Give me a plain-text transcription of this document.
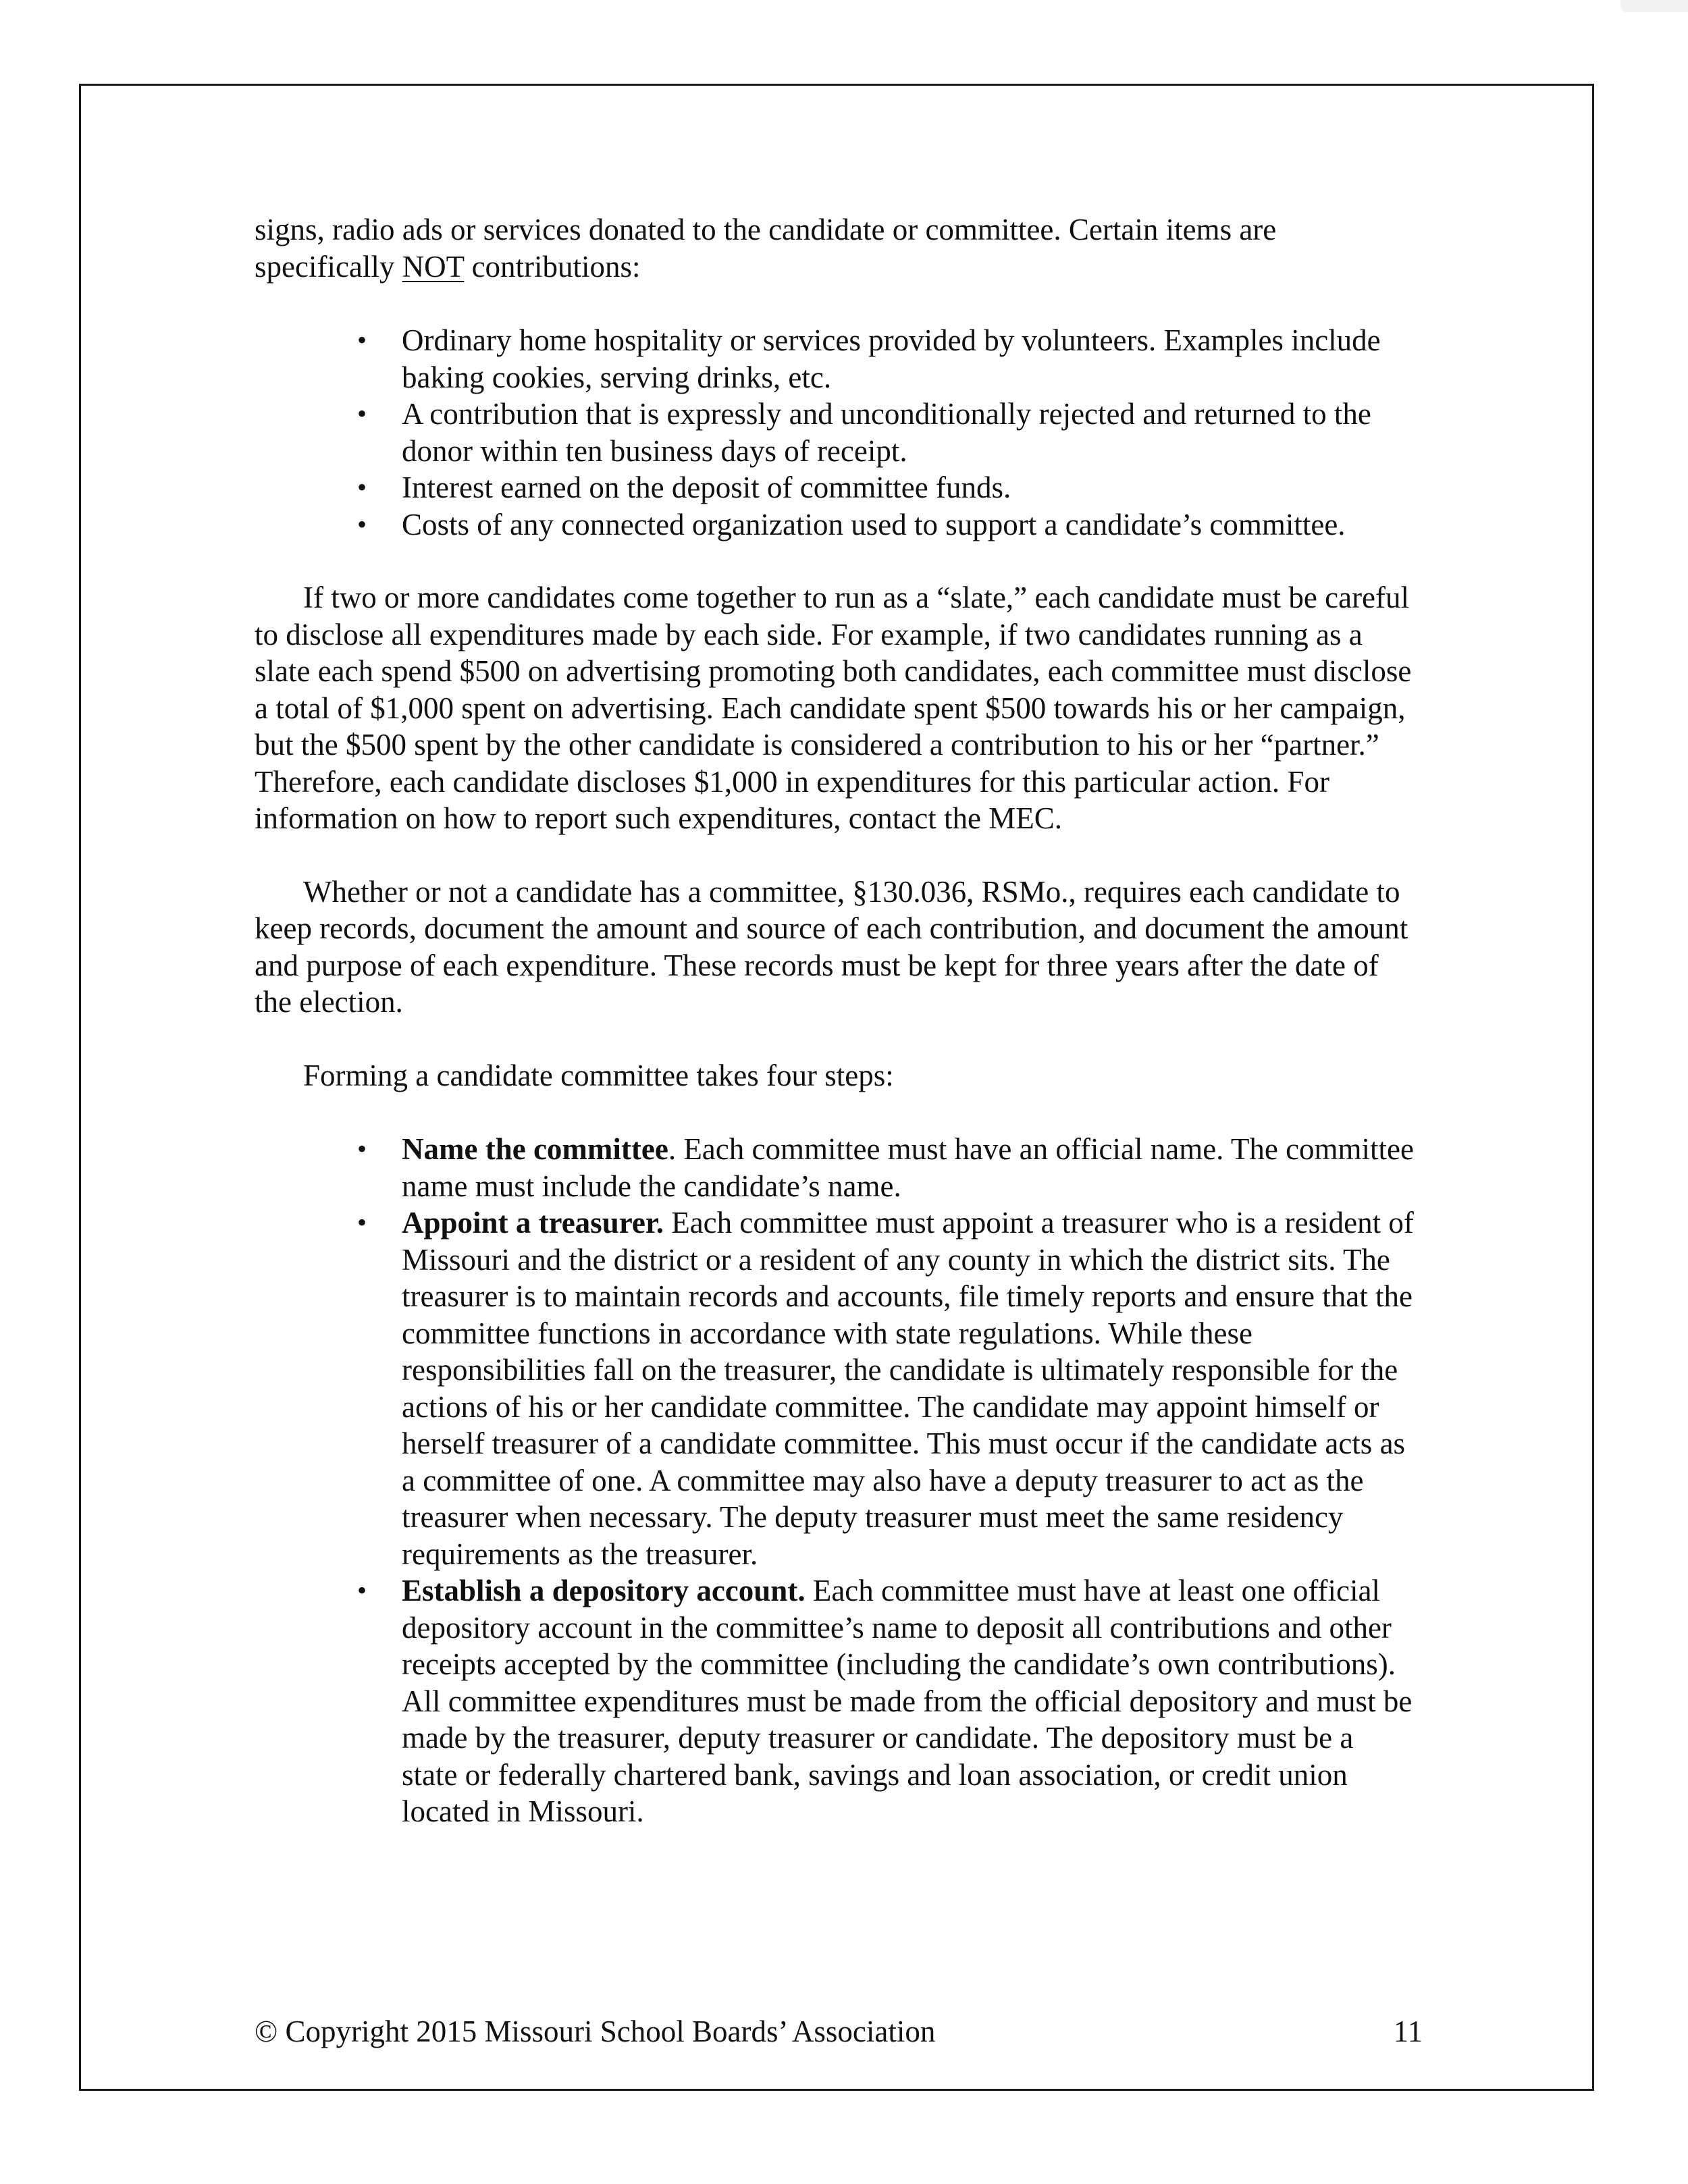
signs, radio ads or services donated to the candidate or committee. Certain items are
specifically NOT contributions:

• Ordinary home hospitality or services provided by volunteers. Examples include baking cookies, serving drinks, etc.
• A contribution that is expressly and unconditionally rejected and returned to the donor within ten business days of receipt.
• Interest earned on the deposit of committee funds.
• Costs of any connected organization used to support a candidate’s committee.

If two or more candidates come together to run as a “slate,” each candidate must be careful to disclose all expenditures made by each side. For example, if two candidates running as a slate each spend $500 on advertising promoting both candidates, each committee must disclose a total of $1,000 spent on advertising. Each candidate spent $500 towards his or her campaign, but the $500 spent by the other candidate is considered a contribution to his or her “partner.” Therefore, each candidate discloses $1,000 in expenditures for this particular action. For information on how to report such expenditures, contact the MEC.

Whether or not a candidate has a committee, §130.036, RSMo., requires each candidate to keep records, document the amount and source of each contribution, and document the amount and purpose of each expenditure. These records must be kept for three years after the date of the election.

Forming a candidate committee takes four steps:

• Name the committee. Each committee must have an official name. The committee name must include the candidate’s name.
• Appoint a treasurer. Each committee must appoint a treasurer who is a resident of Missouri and the district or a resident of any county in which the district sits. The treasurer is to maintain records and accounts, file timely reports and ensure that the committee functions in accordance with state regulations. While these responsibilities fall on the treasurer, the candidate is ultimately responsible for the actions of his or her candidate committee. The candidate may appoint himself or herself treasurer of a candidate committee. This must occur if the candidate acts as a committee of one. A committee may also have a deputy treasurer to act as the treasurer when necessary. The deputy treasurer must meet the same residency requirements as the treasurer.
• Establish a depository account. Each committee must have at least one official depository account in the committee’s name to deposit all contributions and other receipts accepted by the committee (including the candidate’s own contributions). All committee expenditures must be made from the official depository and must be made by the treasurer, deputy treasurer or candidate. The depository must be a state or federally chartered bank, savings and loan association, or credit union located in Missouri.
© Copyright 2015 Missouri School Boards’ Association	11
